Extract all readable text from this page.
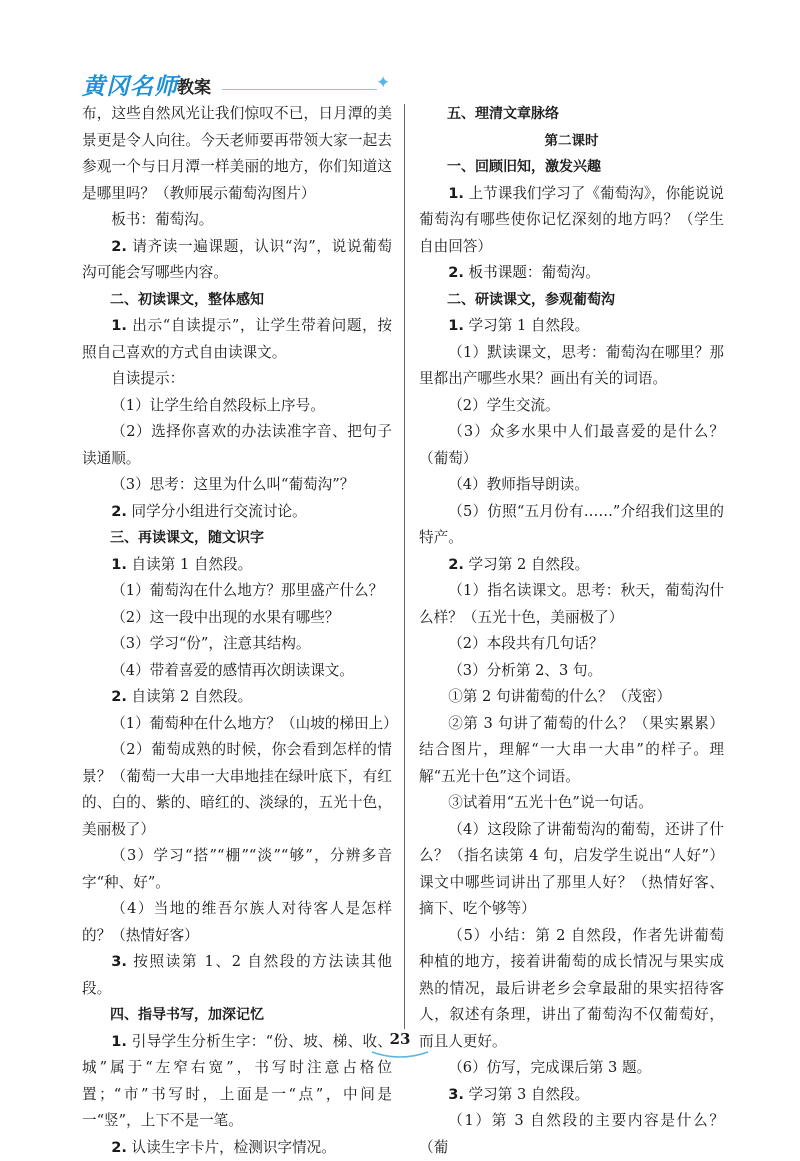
黄冈名师 教案	✦

布，这些自然风光让我们惊叹不已，日月潭的美景更是令人向往。今天老师要再带领大家一起去参观一个与日月潭一样美丽的地方，你们知道这是哪里吗？（教师展示葡萄沟图片）

板书：葡萄沟。

2. 请齐读一遍课题，认识“沟”，说说葡萄沟可能会写哪些内容。

二、初读课文，整体感知

1. 出示“自读提示”，让学生带着问题，按照自己喜欢的方式自由读课文。

自读提示：

（1）让学生给自然段标上序号。

（2）选择你喜欢的办法读准字音、把句子读通顺。

（3）思考：这里为什么叫“葡萄沟”？

2. 同学分小组进行交流讨论。

三、再读课文，随文识字

1. 自读第 1 自然段。

（1）葡萄沟在什么地方？那里盛产什么？

（2）这一段中出现的水果有哪些？

（3）学习“份”，注意其结构。

（4）带着喜爱的感情再次朗读课文。

2. 自读第 2 自然段。

（1）葡萄种在什么地方？（山坡的梯田上）

（2）葡萄成熟的时候，你会看到怎样的情景？（葡萄一大串一大串地挂在绿叶底下，有红的、白的、紫的、暗红的、淡绿的，五光十色，美丽极了）

（3）学习“搭”“棚”“淡”“够”，分辨多音字“种、好”。

（4）当地的维吾尔族人对待客人是怎样的？（热情好客）

3. 按照读第 1、2 自然段的方法读其他段。

四、指导书写，加深记忆

1. 引导学生分析生字：“份、坡、梯、收、城”属于“左窄右宽”，书写时注意占格位置；“市”书写时，上面是一“点”，中间是一“竖”，上下不是一笔。

2. 认读生字卡片，检测识字情况。

五、理清文章脉络

第二课时

一、回顾旧知，激发兴趣

1. 上节课我们学习了《葡萄沟》，你能说说葡萄沟有哪些使你记忆深刻的地方吗？（学生自由回答）

2. 板书课题：葡萄沟。

二、研读课文，参观葡萄沟

1. 学习第 1 自然段。

（1）默读课文，思考：葡萄沟在哪里？那里都出产哪些水果？画出有关的词语。

（2）学生交流。

（3）众多水果中人们最喜爱的是什么？（葡萄）

（4）教师指导朗读。

（5）仿照“五月份有……”介绍我们这里的特产。

2. 学习第 2 自然段。

（1）指名读课文。思考：秋天，葡萄沟什么样？（五光十色，美丽极了）

（2）本段共有几句话？

（3）分析第 2、3 句。

①第 2 句讲葡萄的什么？（茂密）

②第 3 句讲了葡萄的什么？（果实累累）结合图片，理解“一大串一大串”的样子。理解“五光十色”这个词语。

③试着用“五光十色”说一句话。

（4）这段除了讲葡萄沟的葡萄，还讲了什么？（指名读第 4 句，启发学生说出“人好”）课文中哪些词讲出了那里人好？（热情好客、摘下、吃个够等）

（5）小结：第 2 自然段，作者先讲葡萄种植的地方，接着讲葡萄的成长情况与果实成熟的情况，最后讲老乡会拿最甜的果实招待客人，叙述有条理，讲出了葡萄沟不仅葡萄好，而且人更好。

（6）仿写，完成课后第 3 题。

3. 学习第 3 自然段。

（1）第 3 自然段的主要内容是什么？（葡

23
